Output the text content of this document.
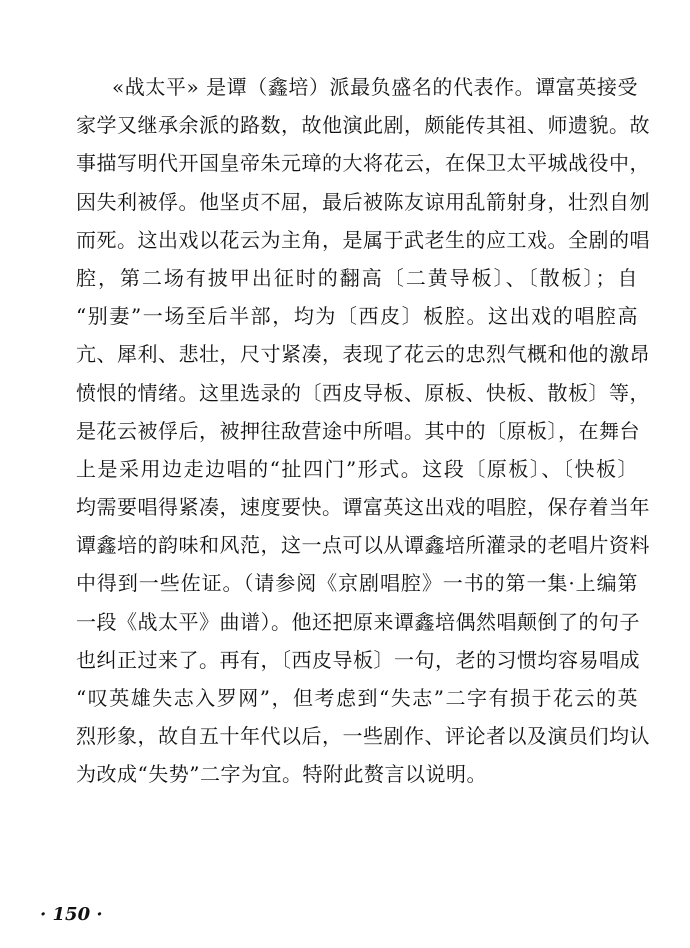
«战太平» 是谭（鑫培）派最负盛名的代表作。谭富英接受
家学又继承余派的路数，故他演此剧，颇能传其祖、师遗貌。故
事描写明代开国皇帝朱元璋的大将花云，在保卫太平城战役中，
因失利被俘。他坚贞不屈，最后被陈友谅用乱箭射身，壮烈自刎
而死。这出戏以花云为主角，是属于武老生的应工戏。全剧的唱
腔，第二场有披甲出征时的翻高〔二黄导板〕、〔散板〕；自
“别妻”一场至后半部，均为〔西皮〕板腔。这出戏的唱腔高
亢、犀利、悲壮，尺寸紧凑，表现了花云的忠烈气概和他的激昂
愤恨的情绪。这里选录的〔西皮导板、原板、快板、散板〕等，
是花云被俘后，被押往敌营途中所唱。其中的〔原板〕，在舞台
上是采用边走边唱的“扯四门”形式。这段〔原板〕、〔快板〕
均需要唱得紧凑，速度要快。谭富英这出戏的唱腔，保存着当年
谭鑫培的韵味和风范，这一点可以从谭鑫培所灌录的老唱片资料
中得到一些佐证。（请参阅《京剧唱腔》一书的第一集·上编第
一段《战太平》曲谱）。他还把原来谭鑫培偶然唱颠倒了的句子
也纠正过来了。再有，〔西皮导板〕一句，老的习惯均容易唱成
“叹英雄失志入罗网”，但考虑到“失志”二字有损于花云的英
烈形象，故自五十年代以后，一些剧作、评论者以及演员们均认
为改成“失势”二字为宜。特附此赘言以说明。
· 150 ·
